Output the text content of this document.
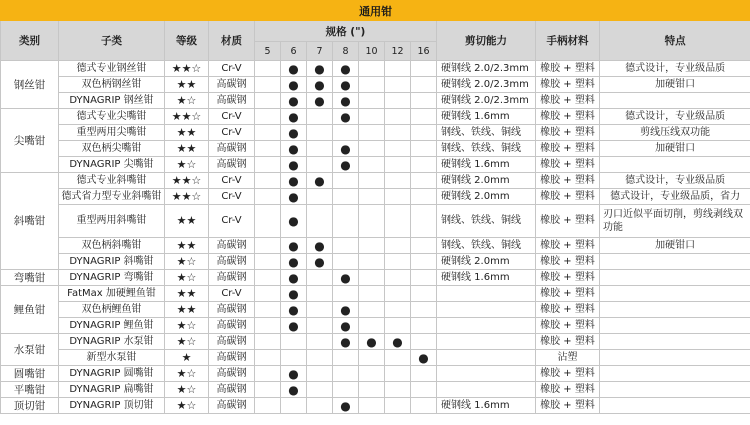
通用钳													
类别	子类	等级	材质	规格 (")							剪切能力	手柄材料	特点
				5	6	7	8	10	12	16			
钢丝钳	德式专业钢丝钳	★★☆	Cr-V		●	●	●				硬钢线 2.0/2.3mm	橡胶 + 塑料	德式设计，专业级品质
	双色柄钢丝钳	★★	高碳钢		●	●	●				硬钢线 2.0/2.3mm	橡胶 + 塑料	加硬钳口
	DYNAGRIP 钢丝钳	★☆	高碳钢		●	●	●				硬钢线 2.0/2.3mm	橡胶 + 塑料	
尖嘴钳	德式专业尖嘴钳	★★☆	Cr-V		●		●				硬钢线 1.6mm	橡胶 + 塑料	德式设计，专业级品质
	重型两用尖嘴钳	★★	Cr-V		●						钢线、铁线、铜线	橡胶 + 塑料	剪线压线双功能
	双色柄尖嘴钳	★★	高碳钢		●		●				钢线、铁线、铜线	橡胶 + 塑料	加硬钳口
	DYNAGRIP 尖嘴钳	★☆	高碳钢		●		●				硬钢线 1.6mm	橡胶 + 塑料	
斜嘴钳	德式专业斜嘴钳	★★☆	Cr-V		●	●					硬钢线 2.0mm	橡胶 + 塑料	德式设计，专业级品质
	德式省力型专业斜嘴钳	★★☆	Cr-V		●						硬钢线 2.0mm	橡胶 + 塑料	德式设计，专业级品质，省力
	重型两用斜嘴钳	★★	Cr-V		●						钢线、铁线、铜线	橡胶 + 塑料	刃口近似平面切削，剪线剥线双功能
	双色柄斜嘴钳	★★	高碳钢		●	●					钢线、铁线、铜线	橡胶 + 塑料	加硬钳口
	DYNAGRIP 斜嘴钳	★☆	高碳钢		●	●					硬钢线 2.0mm	橡胶 + 塑料	
弯嘴钳	DYNAGRIP 弯嘴钳	★☆	高碳钢		●		●				硬钢线 1.6mm	橡胶 + 塑料	
鲤鱼钳	FatMax 加硬鲤鱼钳	★★	Cr-V		●							橡胶 + 塑料	
	双色柄鲤鱼钳	★★	高碳钢		●		●					橡胶 + 塑料	
	DYNAGRIP 鲤鱼钳	★☆	高碳钢		●		●					橡胶 + 塑料	
水泵钳	DYNAGRIP 水泵钳	★☆	高碳钢				●	●	●			橡胶 + 塑料	
	新型水泵钳	★	高碳钢							●		沾塑	
圆嘴钳	DYNAGRIP 圆嘴钳	★☆	高碳钢		●							橡胶 + 塑料	
平嘴钳	DYNAGRIP 扁嘴钳	★☆	高碳钢		●							橡胶 + 塑料	
顶切钳	DYNAGRIP 顶切钳	★☆	高碳钢				●				硬钢线 1.6mm	橡胶 + 塑料	
